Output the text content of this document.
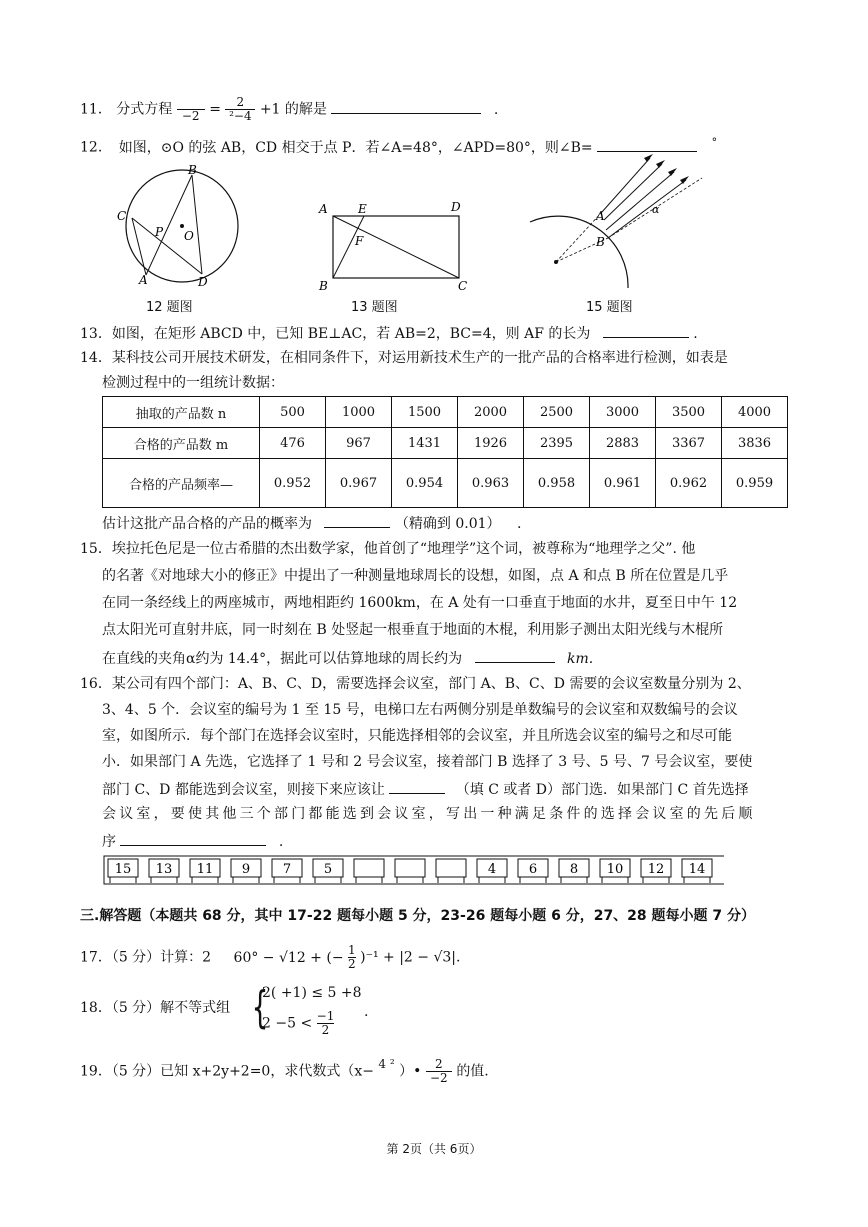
11． 分式方程
$-2 = \frac{2}{\text{²−4}} +1$ 的解是	.
12. 如图，⊙O 的弦 AB，CD 相交于点 P．若∠A=48°，∠APD=80°，则∠B=	°
B
C
P O
A	D
12 题图
A	E	D
F
B	C
13 题图
A
B
α
15 题图
13．如图，在矩形 ABCD 中，已知 BE⊥AC，若 AB=2，BC=4，则 AF 的长为	.
14．某科技公司开展技术研发，在相同条件下，对运用新技术生产的一批产品的合格率进行检测，如表是
检测过程中的一组统计数据：
抽取的产品数 n	500	1000	1500	2000	2500	3000	3500	4000
合格的产品数 m	476	967	1431	1926	2395	2883	3367	3836
合格的产品频率—	0.952	0.967	0.954	0.963	0.958	0.961	0.962	0.959
估计这批产品合格的产品的概率为	（精确到 0.01） .
15．埃拉托色尼是一位古希腊的杰出数学家，他首创了“地理学”这个词，被尊称为“地理学之父”. 他
的名著《对地球大小的修正》中提出了一种测量地球周长的设想，如图，点 A 和点 B 所在位置是几乎
在同一条经线上的两座城市，两地相距约 1600km，在 A 处有一口垂直于地面的水井，夏至日中午 12
点太阳光可直射井底，同一时刻在 B 处竖起一根垂直于地面的木棍，利用影子测出太阳光线与木棍所
在直线的夹角α约为 14.4°，据此可以估算地球的周长约为	km.
16．某公司有四个部门：A、B、C、D，需要选择会议室，部门 A、B、C、D 需要的会议室数量分别为 2、
3、4、5 个．会议室的编号为 1 至 15 号，电梯口左右两侧分别是单数编号的会议室和双数编号的会议
室，如图所示．每个部门在选择会议室时，只能选择相邻的会议室，并且所选会议室的编号之和尽可能
小．如果部门 A 先选，它选择了 1 号和 2 号会议室，接着部门 B 选择了 3 号、5 号、7 号会议室，要使
部门 C、D 都能选到会议室，则接下来应该让	（填 C 或者 D）部门选．如果部门 C 首先选择
会议室，要使其他三个部门都能选到会议室，写出一种满足条件的选择会议室的先后顺
序	.
15 13 11 9	7	5	4	6	8 10 12 14
三.解答题（本题共 68 分，其中 17-22 题每小题 5 分，23-26 题每小题 6 分，27、28 题每小题 7 分）
17．（5 分）计算：2 60° − √12 + (− $\frac{1}{2} )^{-1} + |2 - √3|$.
18．（5 分）解不等式组 {
2( +1) ≤ 5 +8
$2 -5 < \frac{-1}{2}$ .
19．（5 分）已知 x+2y+2=0，求代数式（x− 4 ² ）• $\frac{2}{-2}$ 的值.
第 2页（共 6页）
